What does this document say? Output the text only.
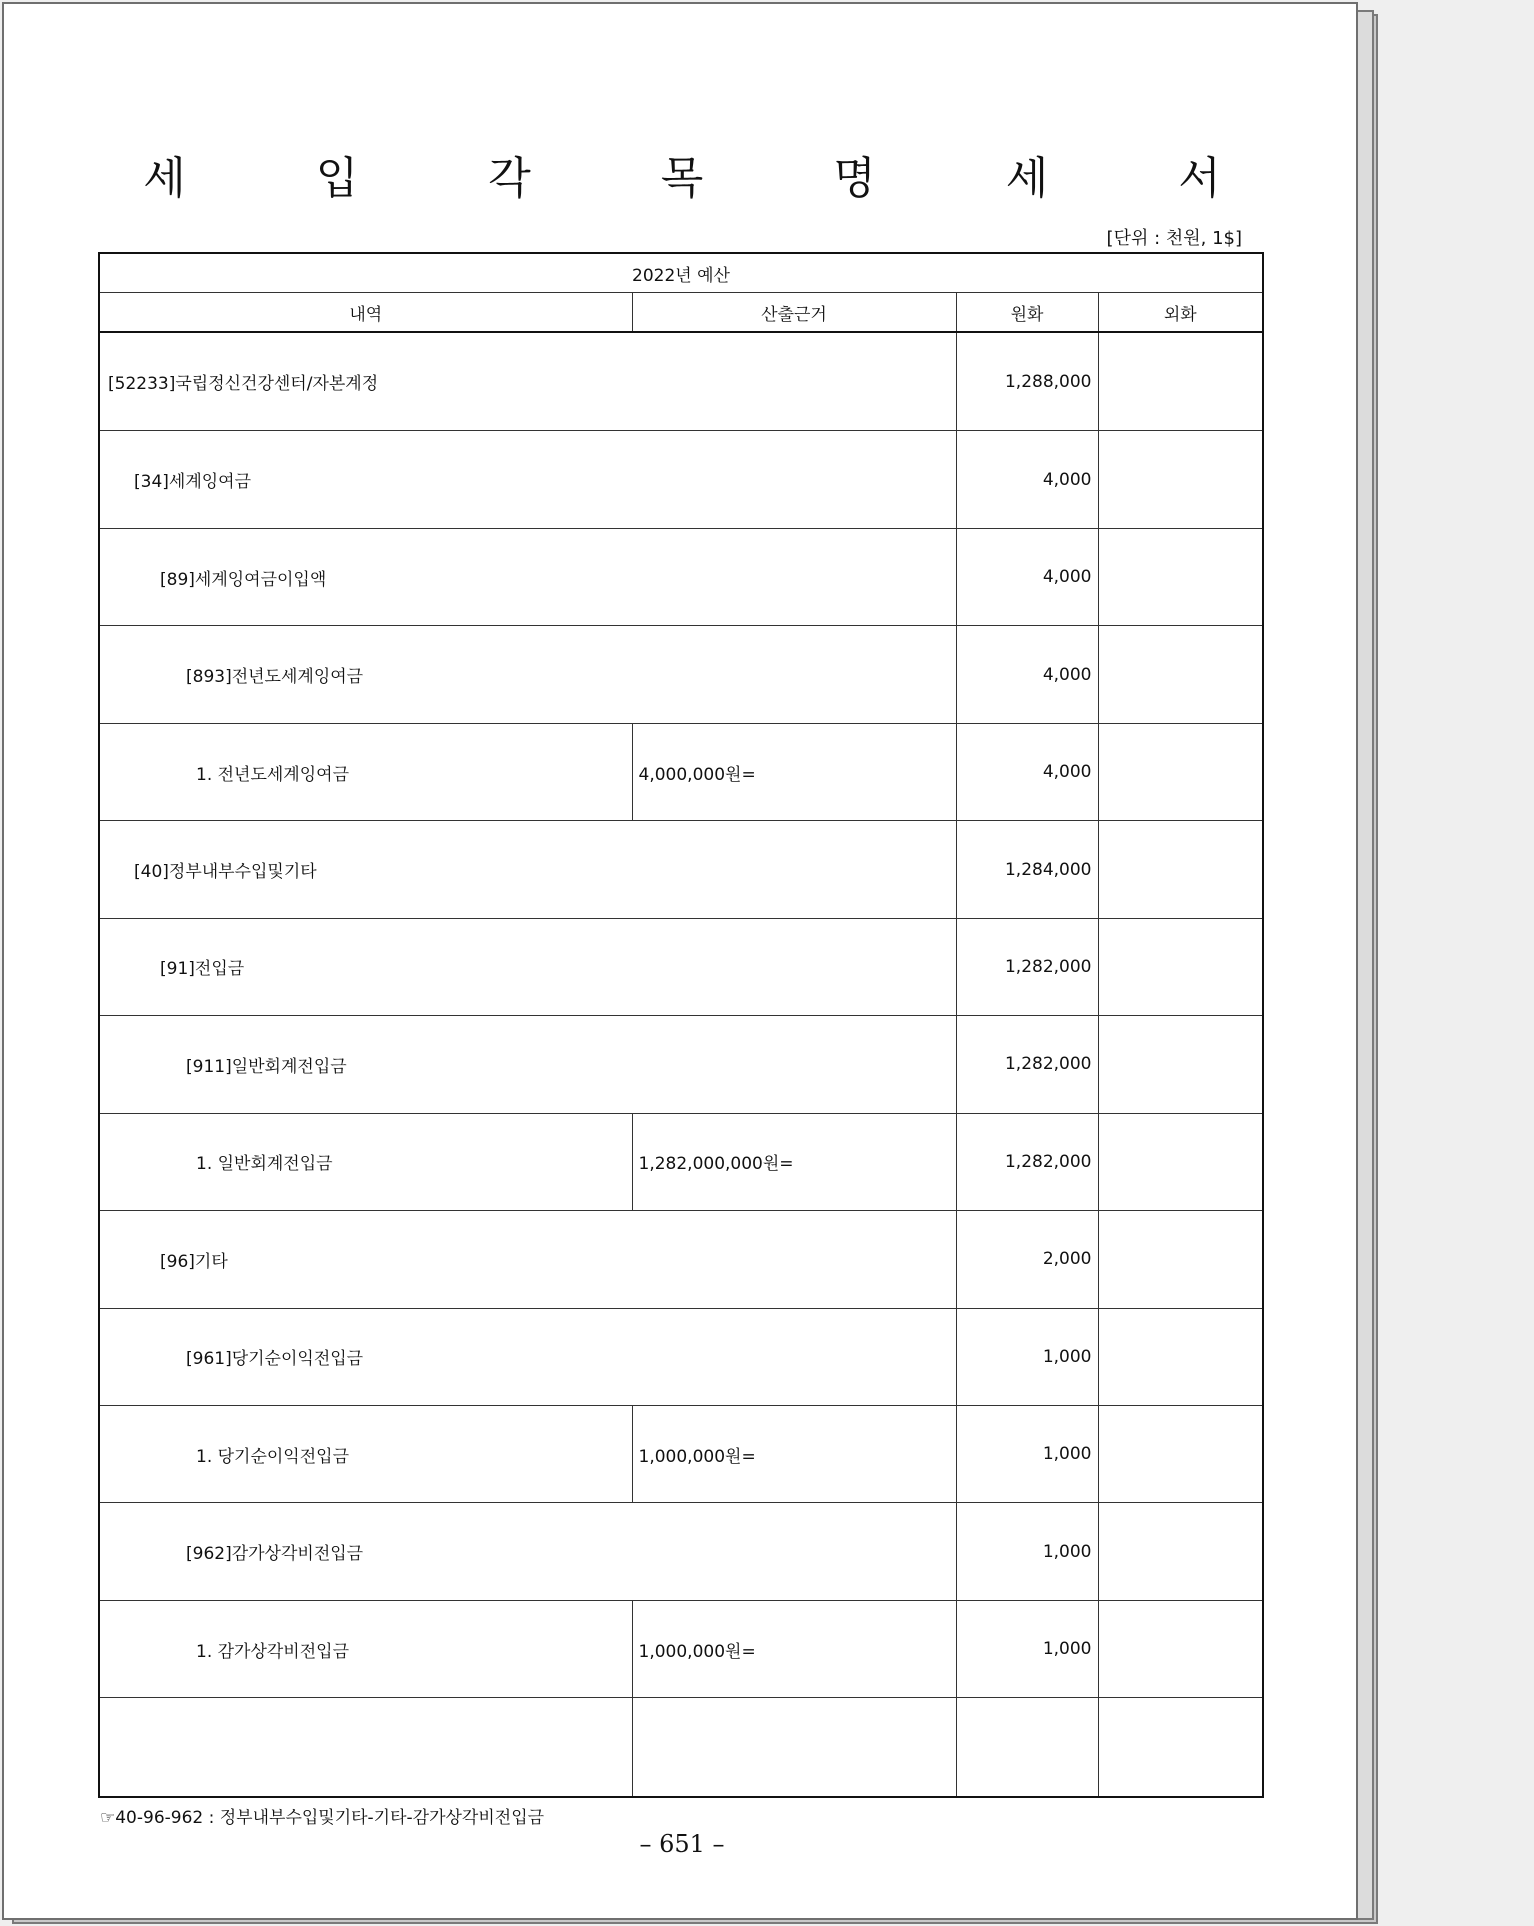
세 입 각 목 명 세 서
[단위 : 천원, 1$]
2022년 예산			
내역	산출근거	원화	외화
[52233]국립정신건강센터/자본계정		1,288,000	
[34]세계잉여금		4,000	
[89]세계잉여금이입액		4,000	
[893]전년도세계잉여금		4,000	
1. 전년도세계잉여금	4,000,000원=	4,000	
[40]정부내부수입및기타		1,284,000	
[91]전입금		1,282,000	
[911]일반회계전입금		1,282,000	
1. 일반회계전입금	1,282,000,000원=	1,282,000	
[96]기타		2,000	
[961]당기순이익전입금		1,000	
1. 당기순이익전입금	1,000,000원=	1,000	
[962]감가상각비전입금		1,000	
1. 감가상각비전입금	1,000,000원=	1,000	

☞40-96-962 : 정부내부수입및기타-기타-감가상각비전입금
– 651 –
